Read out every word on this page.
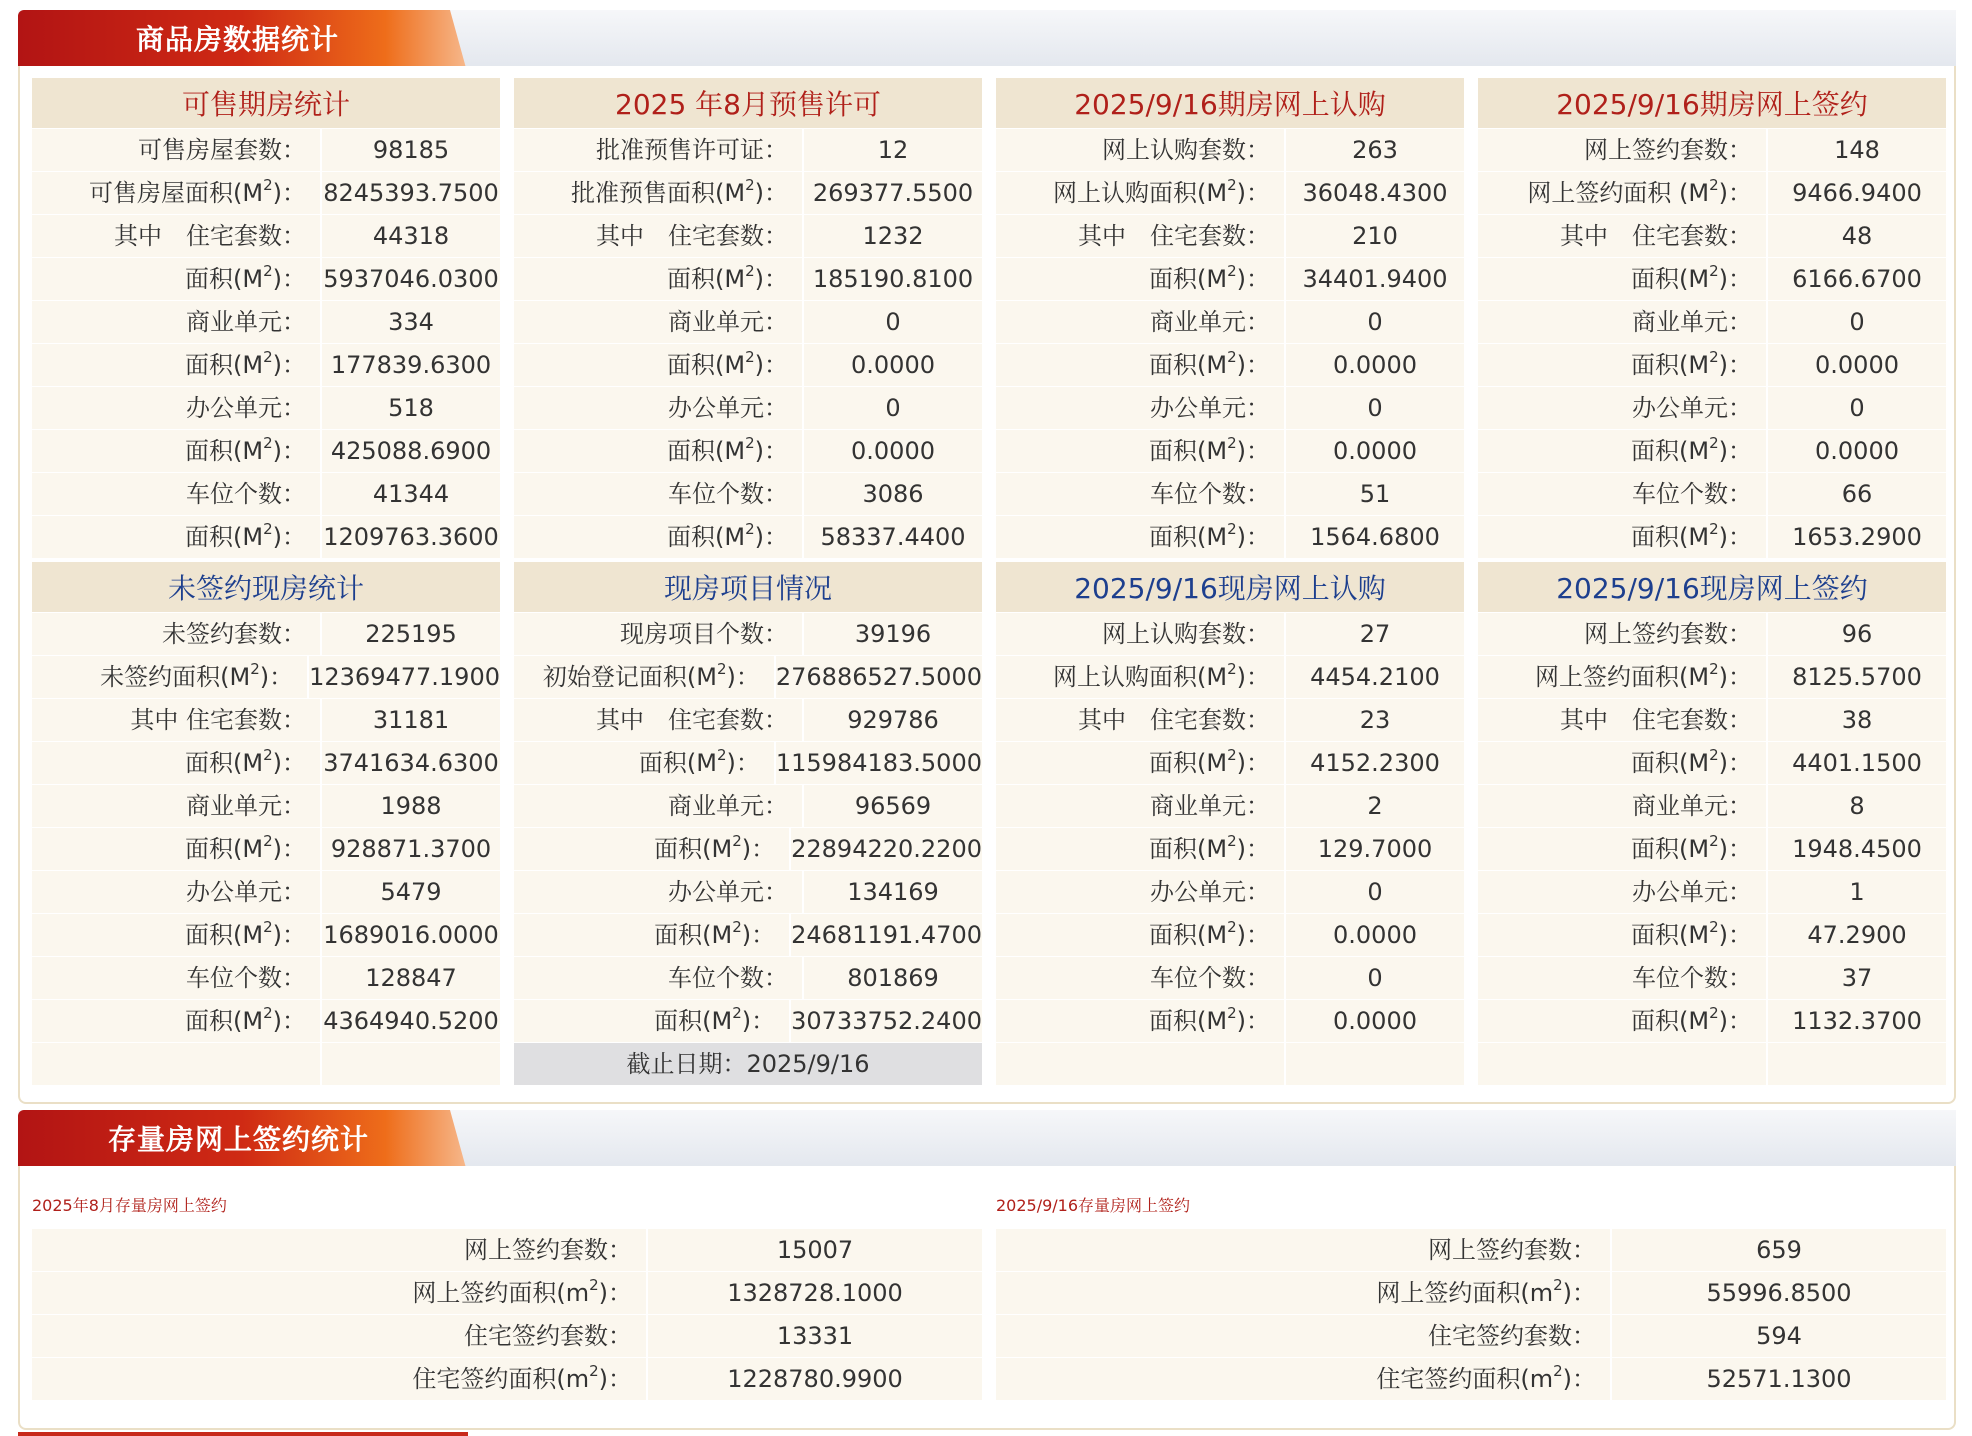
商品房数据统计
存量房网上签约统计
可售期房统计
可售房屋套数：	98185
可售房屋面积$(M^2)$： 8245393.7500
其中　住宅套数：	44318
面积$(M^2)$： 5937046.0300
商业单元：	334
面积$(M^2)$：	177839.6300
办公单元：	518
面积$(M^2)$：	425088.6900
车位个数：	41344
面积$(M^2)$： 1209763.3600
2025 年8月预售许可
批准预售许可证：	12
批准预售面积$(M^2)$：	269377.5500
其中　住宅套数：	1232
面积$(M^2)$：	185190.8100
商业单元：	0
面积$(M^2)$：	0.0000
办公单元：	0
面积$(M^2)$：	0.0000
车位个数：	3086
面积$(M^2)$：	58337.4400
2025/9/16期房网上认购
网上认购套数：	263
网上认购面积$(M^2)$：	36048.4300
其中　住宅套数：	210
面积$(M^2)$：	34401.9400
商业单元：	0
面积$(M^2)$：	0.0000
办公单元：	0
面积$(M^2)$：	0.0000
车位个数：	51
面积$(M^2)$：	1564.6800
2025/9/16期房网上签约
网上签约套数：	148
网上签约面积 $(M^2)$：	9466.9400
其中　住宅套数：	48
面积$(M^2)$：	6166.6700
商业单元：	0
面积$(M^2)$：	0.0000
办公单元：	0
面积$(M^2)$：	0.0000
车位个数：	66
面积$(M^2)$：	1653.2900
未签约现房统计
未签约套数：	225195
未签约面积$(M^2)$： 12369477.1900
其中 住宅套数：	31181
面积$(M^2)$： 3741634.6300
商业单元：	1988
面积$(M^2)$：	928871.3700
办公单元：	5479
面积$(M^2)$： 1689016.0000
车位个数：	128847
面积$(M^2)$： 4364940.5200
现房项目情况
现房项目个数：	39196
初始登记面积$(M^2)$： 276886527.5000
其中　住宅套数：	929786
面积$(M^2)$： 115984183.5000
商业单元：	96569
面积$(M^2)$： 22894220.2200
办公单元：	134169
面积$(M^2)$： 24681191.4700
车位个数：	801869
面积$(M^2)$： 30733752.2400
截止日期：2025/9/16
2025/9/16现房网上认购
网上认购套数：	27
网上认购面积$(M^2)$：	4454.2100
其中　住宅套数：	23
面积$(M^2)$：	4152.2300
商业单元：	2
面积$(M^2)$：	129.7000
办公单元：	0
面积$(M^2)$：	0.0000
车位个数：	0
面积$(M^2)$：	0.0000
2025/9/16现房网上签约
网上签约套数：	96
网上签约面积$(M^2)$：	8125.5700
其中　住宅套数：	38
面积$(M^2)$：	4401.1500
商业单元：	8
面积$(M^2)$：	1948.4500
办公单元：	1
面积$(M^2)$：	47.2900
车位个数：	37
面积$(M^2)$：	1132.3700
2025年8月存量房网上签约
网上签约套数：	15007
网上签约面积$(m^2)$：	1328728.1000
住宅签约套数：	13331
住宅签约面积$(m^2)$：	1228780.9900
2025/9/16存量房网上签约
网上签约套数：	659
网上签约面积$(m^2)$：	55996.8500
住宅签约套数：	594
住宅签约面积$(m^2)$：	52571.1300
